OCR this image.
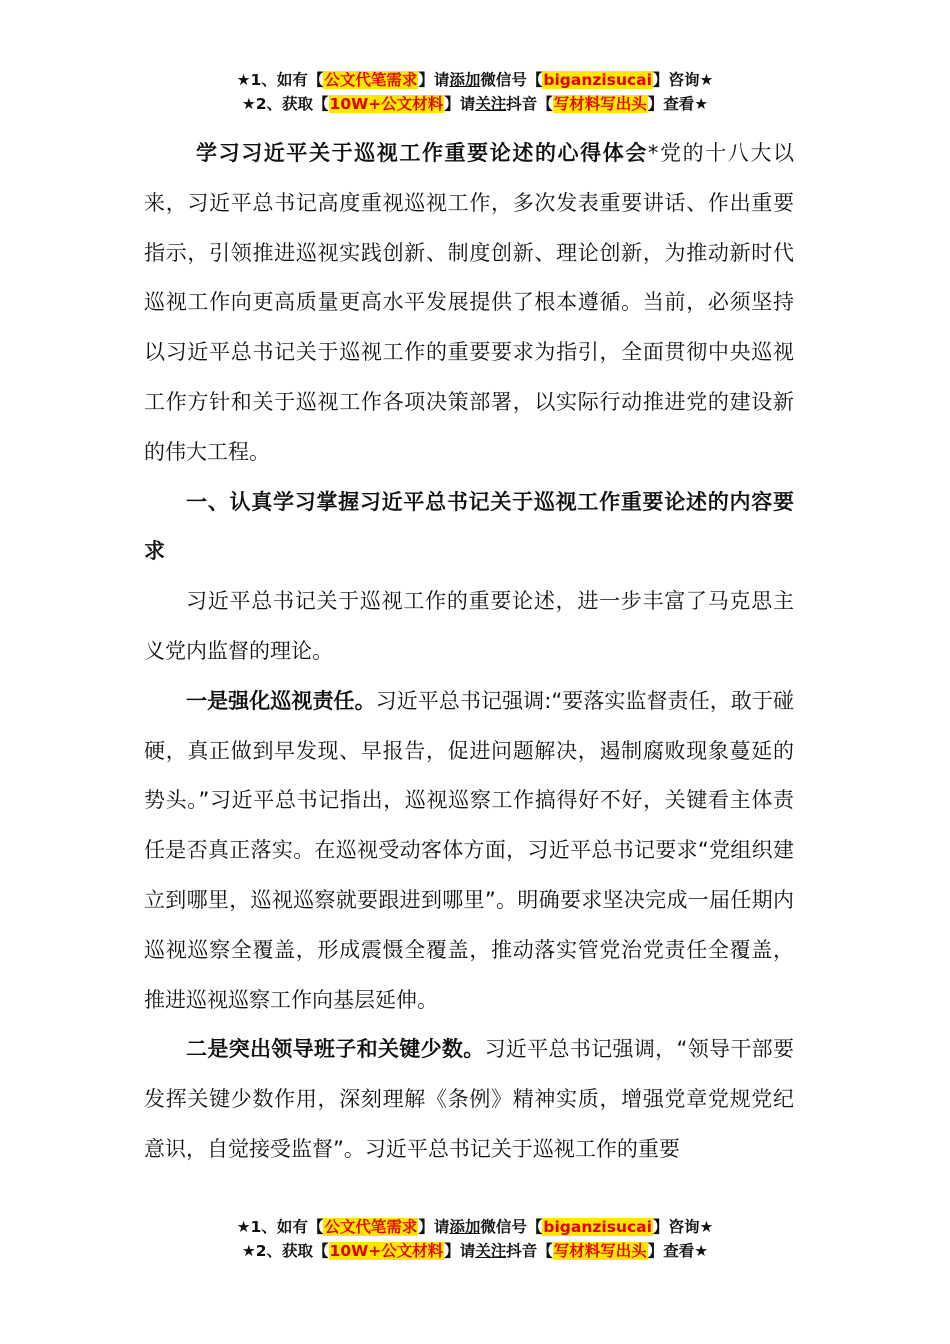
★1、如有【公文代笔需求】请添加微信号【biganzisucai】咨询★
★2、获取【10W+公文材料】请关注抖音【写材料写出头】查看★

学习习近平关于巡视工作重要论述的心得体会*党的十八大以来，习近平总书记高度重视巡视工作，多次发表重要讲话、作出重要指示，引领推进巡视实践创新、制度创新、理论创新，为推动新时代巡视工作向更高质量更高水平发展提供了根本遵循。当前，必须坚持以习近平总书记关于巡视工作的重要要求为指引，全面贯彻中央巡视工作方针和关于巡视工作各项决策部署，以实际行动推进党的建设新的伟大工程。

一、认真学习掌握习近平总书记关于巡视工作重要论述的内容要求

习近平总书记关于巡视工作的重要论述，进一步丰富了马克思主义党内监督的理论。

一是强化巡视责任。习近平总书记强调:“要落实监督责任，敢于碰硬，真正做到早发现、早报告，促进问题解决，遏制腐败现象蔓延的势头。”习近平总书记指出，巡视巡察工作搞得好不好，关键看主体责任是否真正落实。在巡视受动客体方面，习近平总书记要求“党组织建立到哪里，巡视巡察就要跟进到哪里”。明确要求坚决完成一届任期内巡视巡察全覆盖，形成震慑全覆盖，推动落实管党治党责任全覆盖，推进巡视巡察工作向基层延伸。

二是突出领导班子和关键少数。习近平总书记强调，“领导干部要发挥关键少数作用，深刻理解《条例》精神实质，增强党章党规党纪意识，自觉接受监督”。习近平总书记关于巡视工作的重要

★1、如有【公文代笔需求】请添加微信号【biganzisucai】咨询★
★2、获取【10W+公文材料】请关注抖音【写材料写出头】查看★
